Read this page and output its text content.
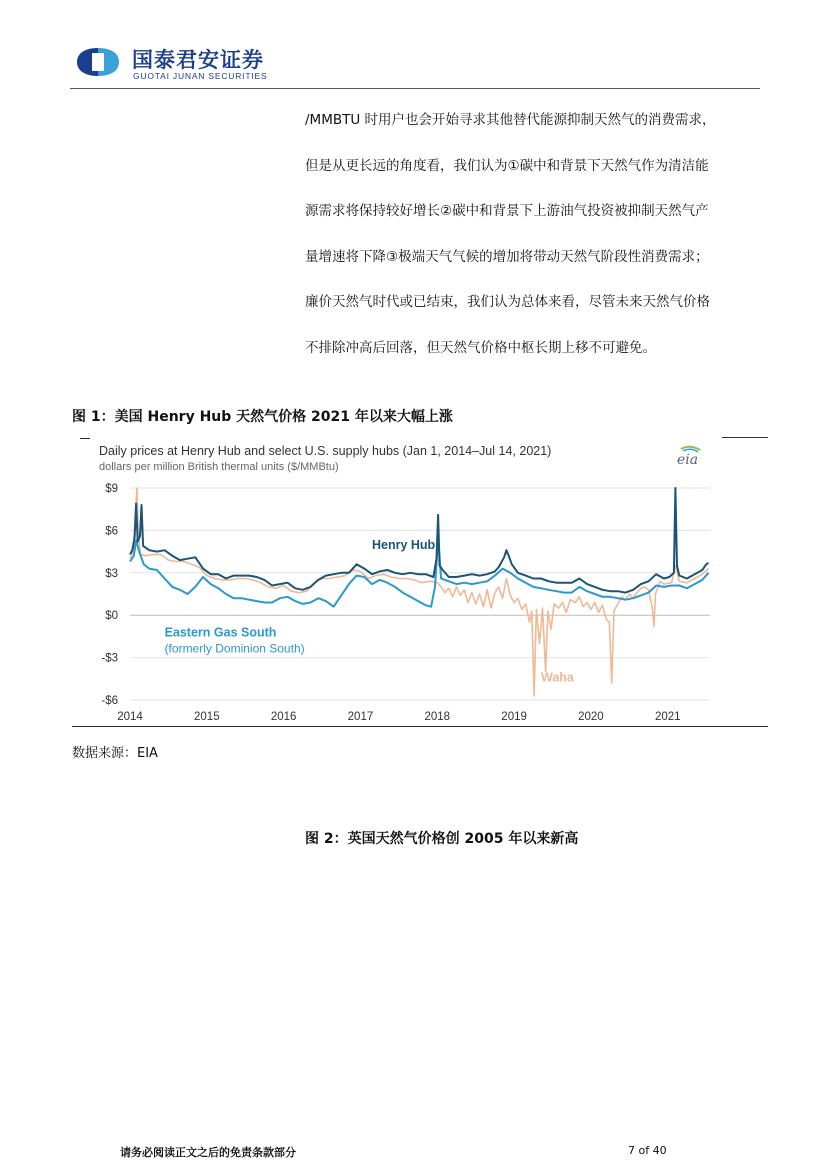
国泰君安证券
GUOTAI JUNAN SECURITIES
/MMBTU 时用户也会开始寻求其他替代能源抑制天然气的消费需求，
但是从更长远的角度看，我们认为①碳中和背景下天然气作为清洁能
源需求将保持较好增长②碳中和背景下上游油气投资被抑制天然气产
量增速将下降③极端天气气候的增加将带动天然气阶段性消费需求；
廉价天然气时代或已结束，我们认为总体来看，尽管未来天然气价格
不排除冲高后回落，但天然气价格中枢长期上移不可避免。
图 1：美国 Henry Hub 天然气价格 2021 年以来大幅上涨
Daily prices at Henry Hub and select U.S. supply hubs (Jan 1, 2014–Jul 14, 2021)
dollars per million British thermal units ($/MMBtu)	eia
$9
$6
$3
$0
-$3
-$6
2014	2015	2016	2017	2018	2019	2020	2021
Henry Hub
Eastern Gas South
(formerly Dominion South)
Waha
数据来源：EIA
图 2：英国天然气价格创 2005 年以来新高
请务必阅读正文之后的免责条款部分	7 of 40
